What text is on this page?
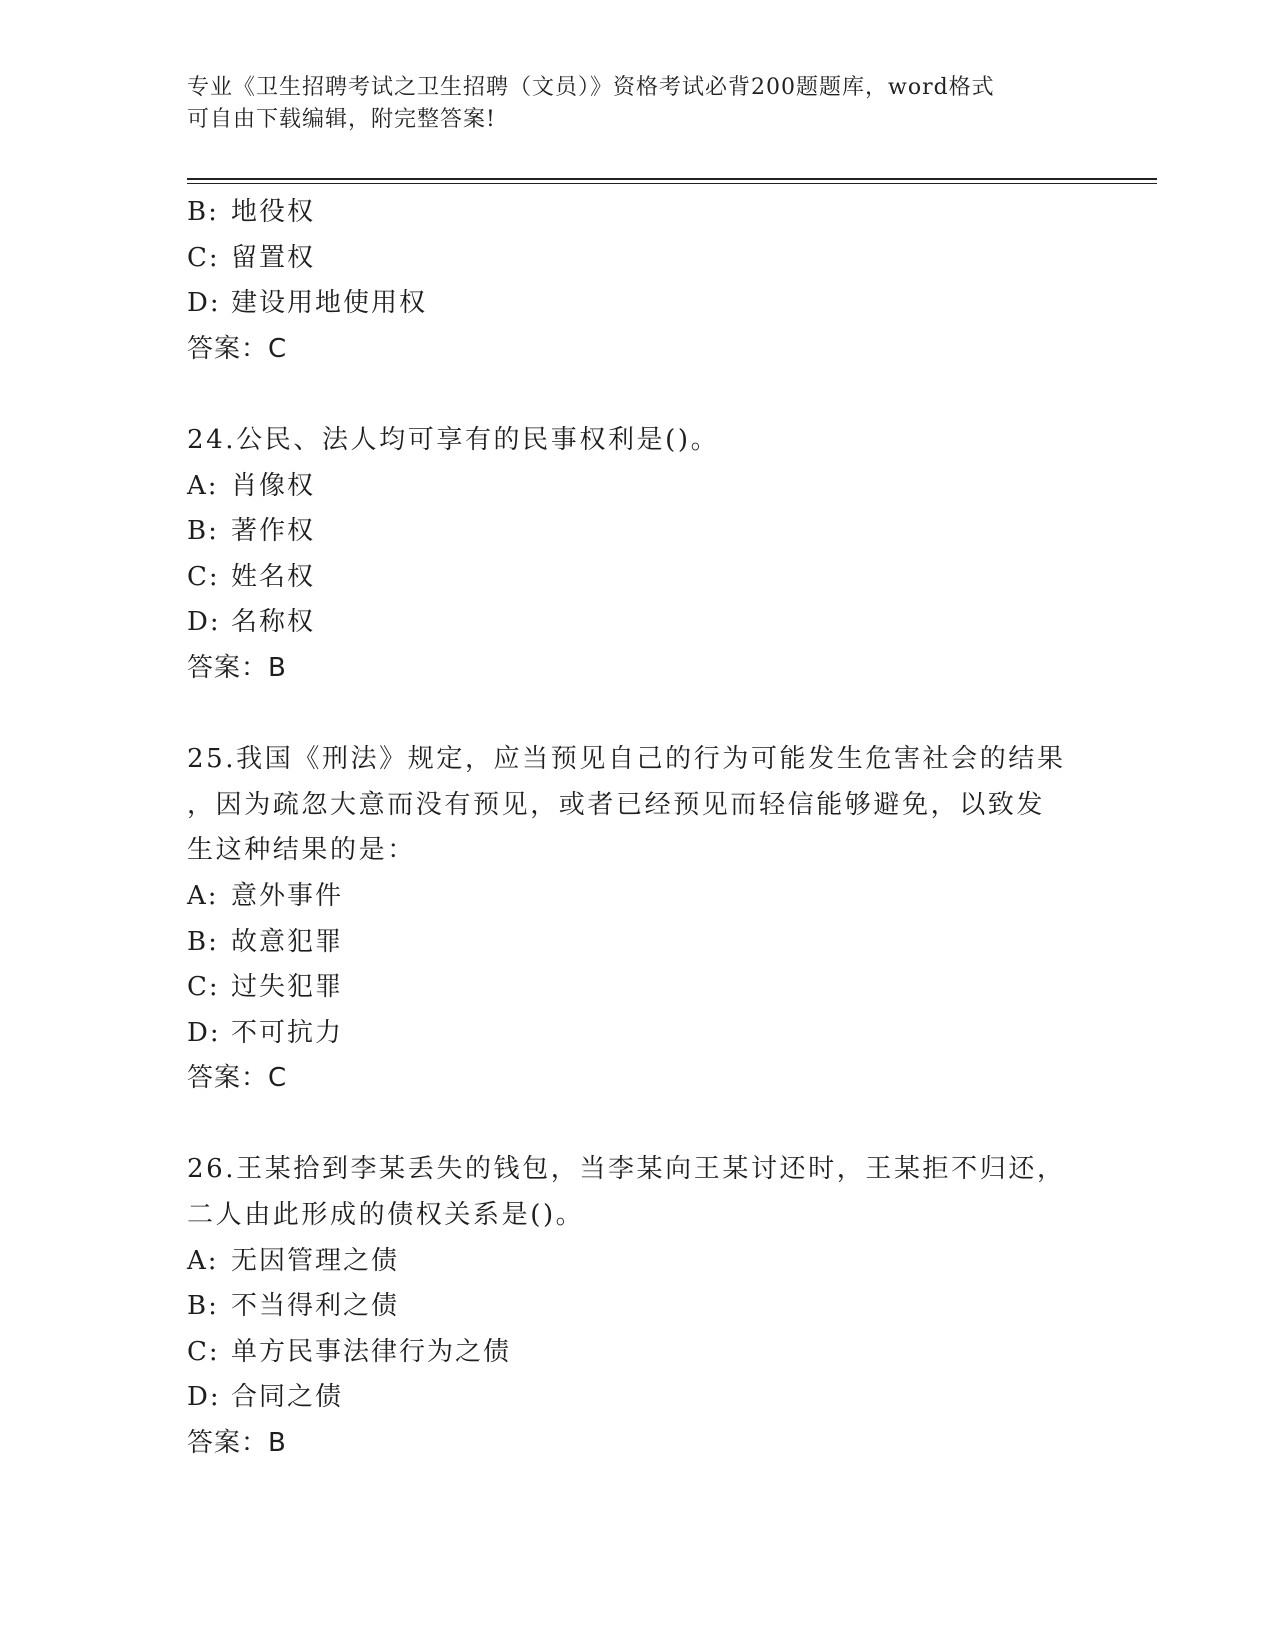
专业《卫生招聘考试之卫生招聘（文员）》资格考试必背200题题库，word格式
可自由下载编辑，附完整答案!
B: 地役权
C: 留置权
D: 建设用地使用权
答案：C
24.公民、法人均可享有的民事权利是()。
A: 肖像权
B: 著作权
C: 姓名权
D: 名称权
答案：B
25.我国《刑法》规定，应当预见自己的行为可能发生危害社会的结果
，因为疏忽大意而没有预见，或者已经预见而轻信能够避免，以致发
生这种结果的是：
A: 意外事件
B: 故意犯罪
C: 过失犯罪
D: 不可抗力
答案：C
26.王某拾到李某丢失的钱包，当李某向王某讨还时，王某拒不归还，
二人由此形成的债权关系是()。
A: 无因管理之债
B: 不当得利之债
C: 单方民事法律行为之债
D: 合同之债
答案：B
